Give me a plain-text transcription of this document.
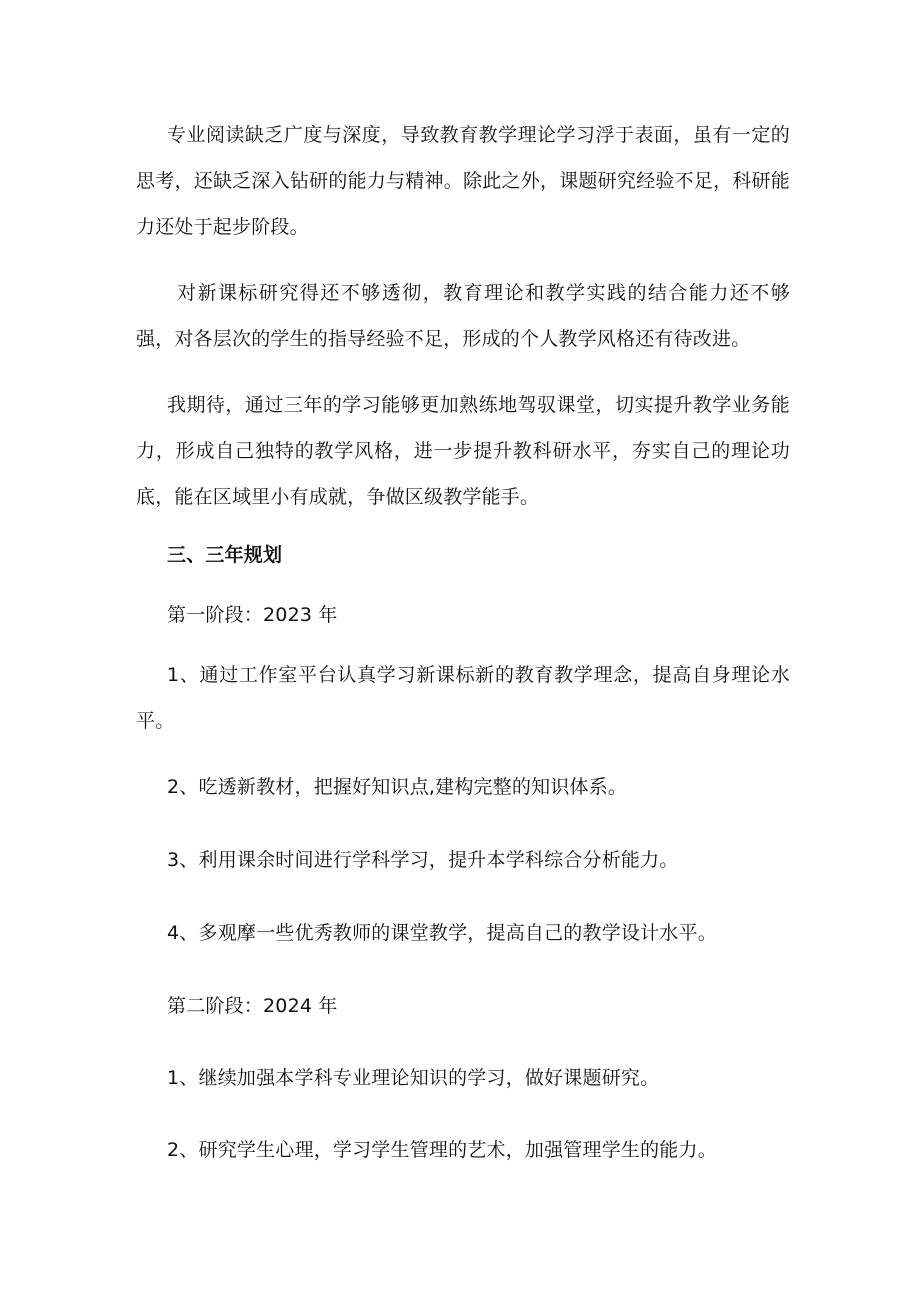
专业阅读缺乏广度与深度，导致教育教学理论学习浮于表面，虽有一定的思考，还缺乏深入钻研的能力与精神。除此之外，课题研究经验不足，科研能力还处于起步阶段。

对新课标研究得还不够透彻，教育理论和教学实践的结合能力还不够强，对各层次的学生的指导经验不足，形成的个人教学风格还有待改进。

我期待，通过三年的学习能够更加熟练地驾驭课堂，切实提升教学业务能力，形成自己独特的教学风格，进一步提升教科研水平，夯实自己的理论功底，能在区域里小有成就，争做区级教学能手。

三、三年规划

第一阶段：2023 年

1、通过工作室平台认真学习新课标新的教育教学理念，提高自身理论水平。

2、吃透新教材，把握好知识点,建构完整的知识体系。

3、利用课余时间进行学科学习，提升本学科综合分析能力。

4、多观摩一些优秀教师的课堂教学，提高自己的教学设计水平。

第二阶段：2024 年

1、继续加强本学科专业理论知识的学习，做好课题研究。

2、研究学生心理，学习学生管理的艺术，加强管理学生的能力。
